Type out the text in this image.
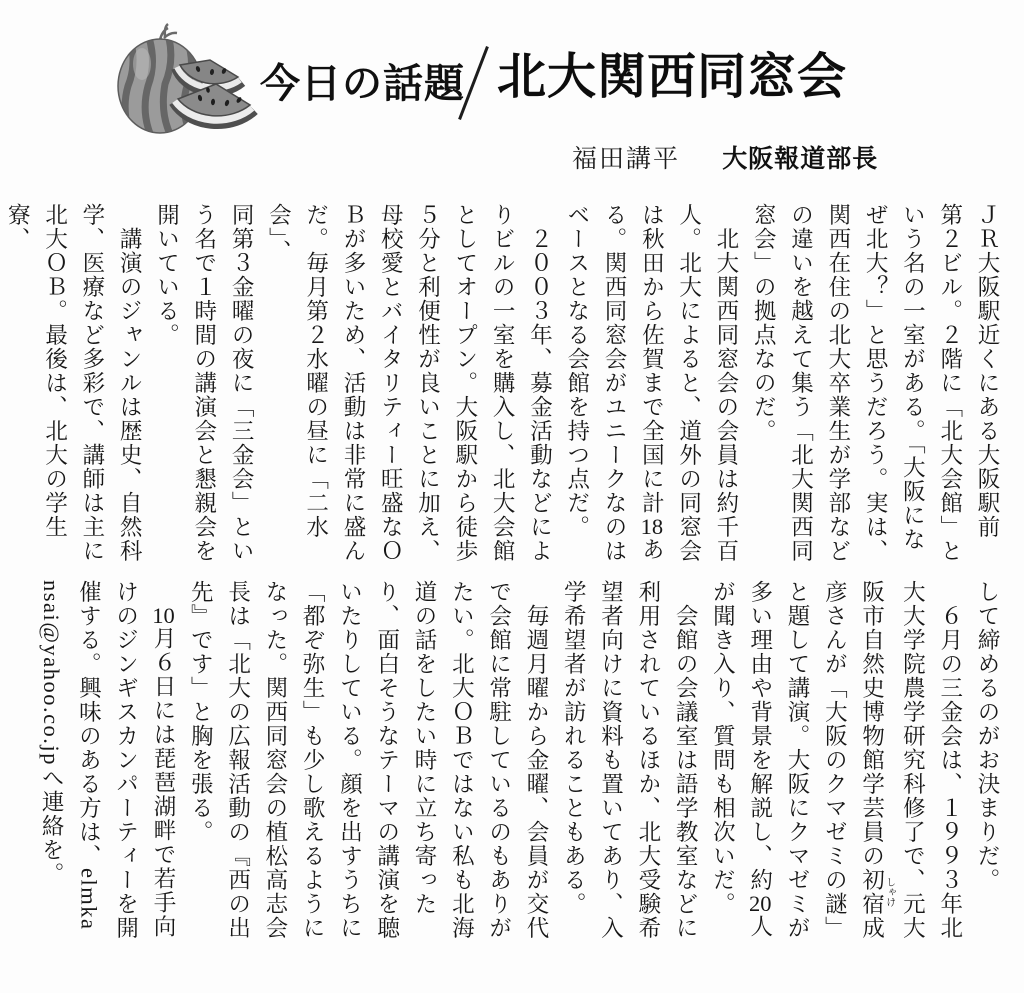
今日の話題 北大関西同窓会
福田講平 大阪報道部長
ＪＲ大阪駅近くにある大阪駅前
第２ビル。２階に「北大会館」と
いう名の一室がある。「大阪にな
ぜ北大？」と思うだろう。実は、
関西在住の北大卒業生が学部など
の違いを越えて集う「北大関西同
窓会」の拠点なのだ。
　北大関西同窓会の会員は約千百
人。北大によると、道外の同窓会
は秋田から佐賀まで全国に計18あ
る。関西同窓会がユニークなのは
ベースとなる会館を持つ点だ。
　２００３年、募金活動などによ
りビルの一室を購入し、北大会館
としてオープン。大阪駅から徒歩
５分と利便性が良いことに加え、
母校愛とバイタリティー旺盛なＯ
Ｂが多いため、活動は非常に盛ん
だ。毎月第２水曜の昼に「二水会」、
同第３金曜の夜に「三金会」とい
う名で１時間の講演会と懇親会を
開いている。
　講演のジャンルは歴史、自然科
学、医療など多彩で、講師は主に
北大ＯＢ。最後は、北大の学生寮、
して締めるのがお決まりだ。
　６月の三金会は、１９９３年北
大大学院農学研究科修了で、元大
阪市自然史博物館学芸員の初宿 しゃけ成
彦さんが「大阪のクマゼミの謎」
と題して講演。大阪にクマゼミが
多い理由や背景を解説し、約20人
が聞き入り、質問も相次いだ。
　会館の会議室は語学教室などに
利用されているほか、北大受験希
望者向けに資料も置いてあり、入
学希望者が訪れることもある。
　毎週月曜から金曜、会員が交代
で会館に常駐しているのもありが
たい。北大ＯＢではない私も北海
道の話をしたい時に立ち寄った
り、面白そうなテーマの講演を聴
いたりしている。顔を出すうちに
「都ぞ弥生」も少し歌えるように
なった。関西同窓会の植松高志会
長は「北大の広報活動の『西の出
先』です」と胸を張る。
　10月６日には琵琶湖畔で若手向
けのジンギスカンパーティーを開
催する。興味のある方は、elmka
nsai@yahoo.co.jpへ連絡を。
